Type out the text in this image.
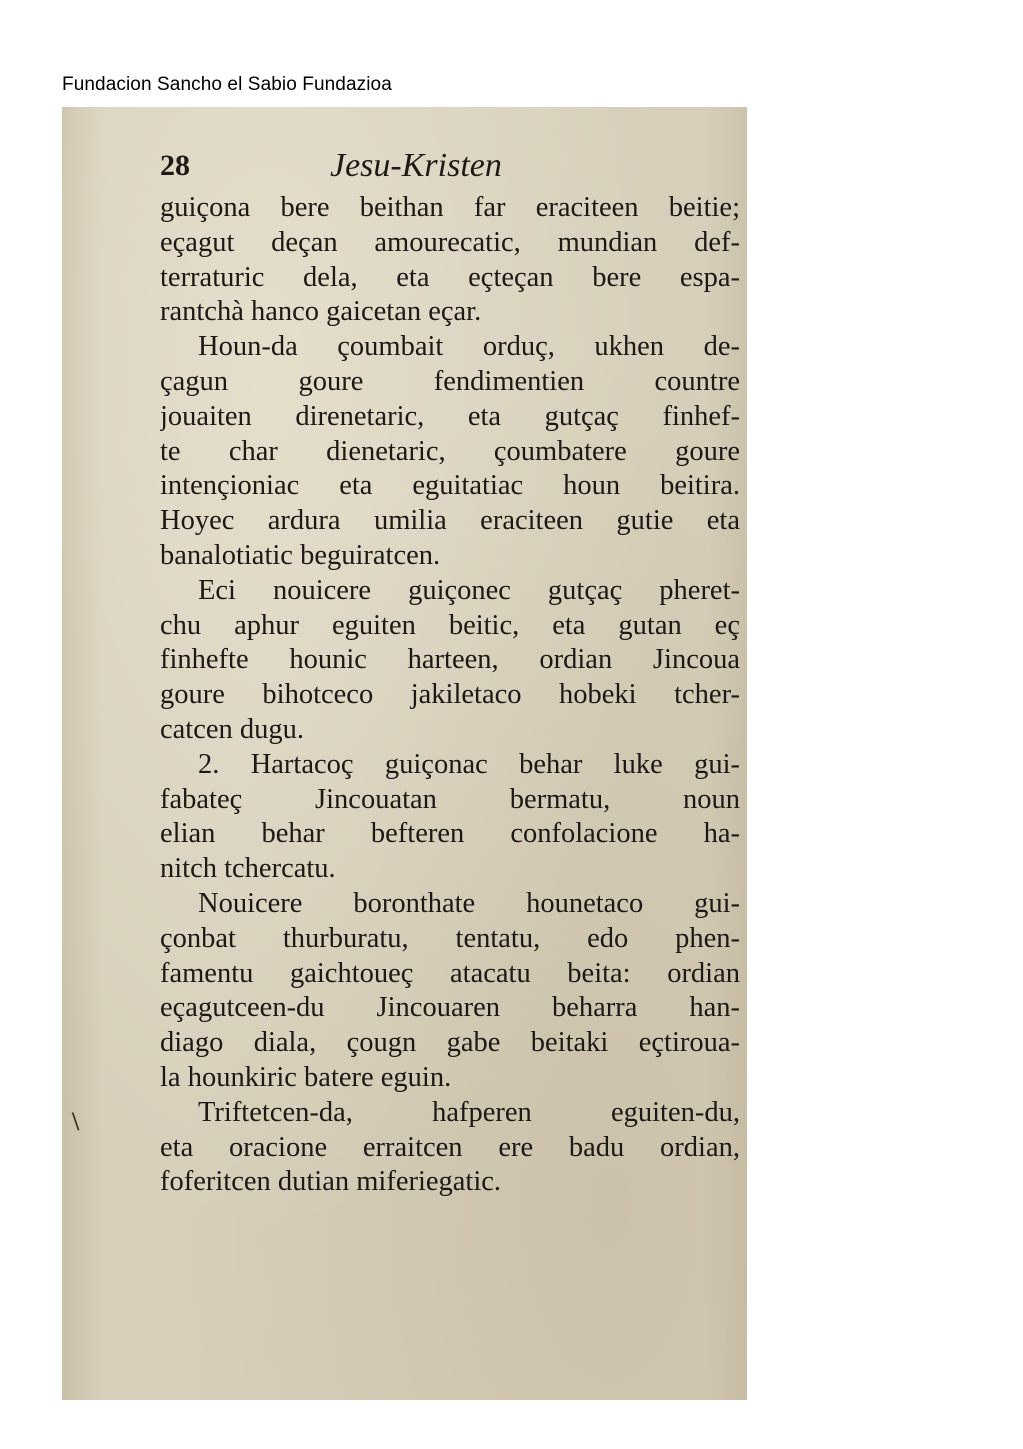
Fundacion Sancho el Sabio Fundazioa
28	Jesu-Kristen
\
guiçona bere beithan far eraciteen beitie;
eçagut deçan amourecatic, mundian def-
terraturic dela, eta eçteçan bere espa-
rantchà hanco gaicetan eçar.
Houn-da çoumbait orduç, ukhen de-
çagun goure fendimentien countre
jouaiten direnetaric, eta gutçaç finhef-
te char dienetaric, çoumbatere goure
intençioniac eta eguitatiac houn beitira.
Hoyec ardura umilia eraciteen gutie eta
banalotiatic beguiratcen.
Eci nouicere guiçonec gutçaç pheret-
chu aphur eguiten beitic, eta gutan eç
finhefte hounic harteen, ordian Jincoua
goure bihotceco jakiletaco hobeki tcher-
catcen dugu.
2. Hartacoç guiçonac behar luke gui-
fabateç Jincouatan bermatu, noun
elian behar befteren confolacione ha-
nitch tchercatu.
Nouicere boronthate hounetaco gui-
çonbat thurburatu, tentatu, edo phen-
famentu gaichtoueç atacatu beita: ordian
eçagutceen-du Jincouaren beharra han-
diago diala, çougn gabe beitaki eçtiroua-
la hounkiric batere eguin.
Triftetcen-da, hafperen eguiten-du,
eta oracione erraitcen ere badu ordian,
foferitcen dutian miferiegatic.
